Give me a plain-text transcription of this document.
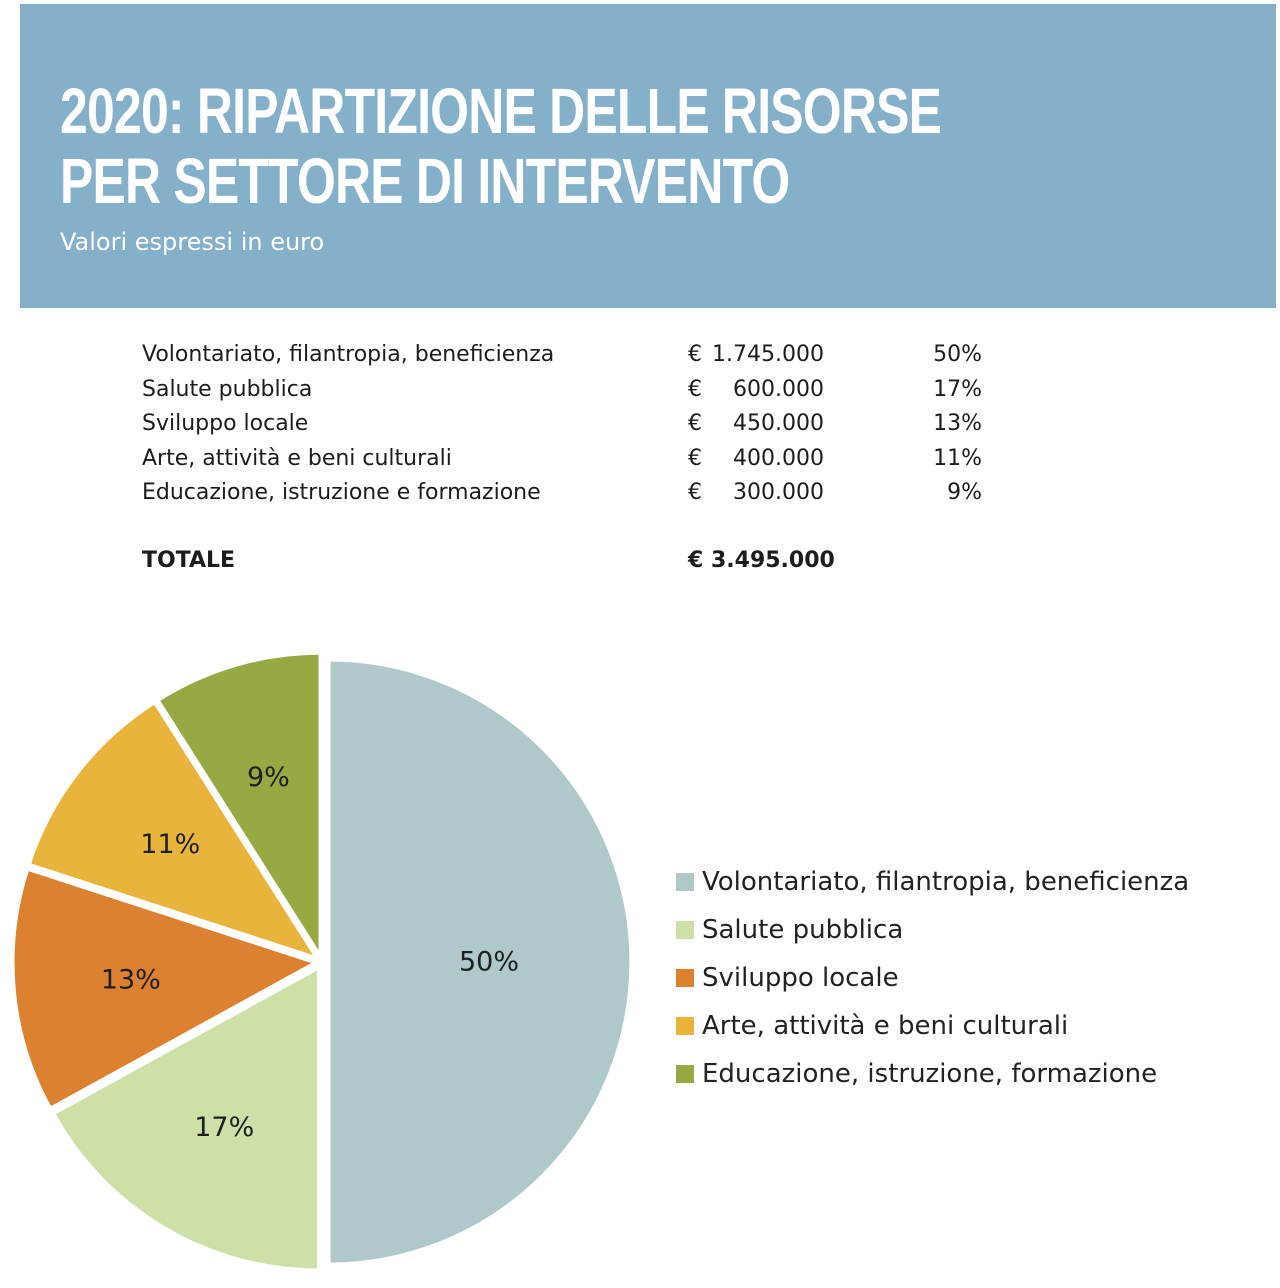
2020: RIPARTIZIONE DELLE RISORSE
PER SETTORE DI INTERVENTO
Valori espressi in euro
Volontariato, filantropia, beneficienza	€ 1.745.000	50%
Salute pubblica	€	600.000	17%
Sviluppo locale	€	450.000	13%
Arte, attività e beni culturali	€	400.000	11%
Educazione, istruzione e formazione	€	300.000	9%
TOTALE	€ 3.495.000
50%
17%
13%
11%
9%
Volontariato, filantropia, beneficienza
Salute pubblica
Sviluppo locale
Arte, attività e beni culturali
Educazione, istruzione, formazione
